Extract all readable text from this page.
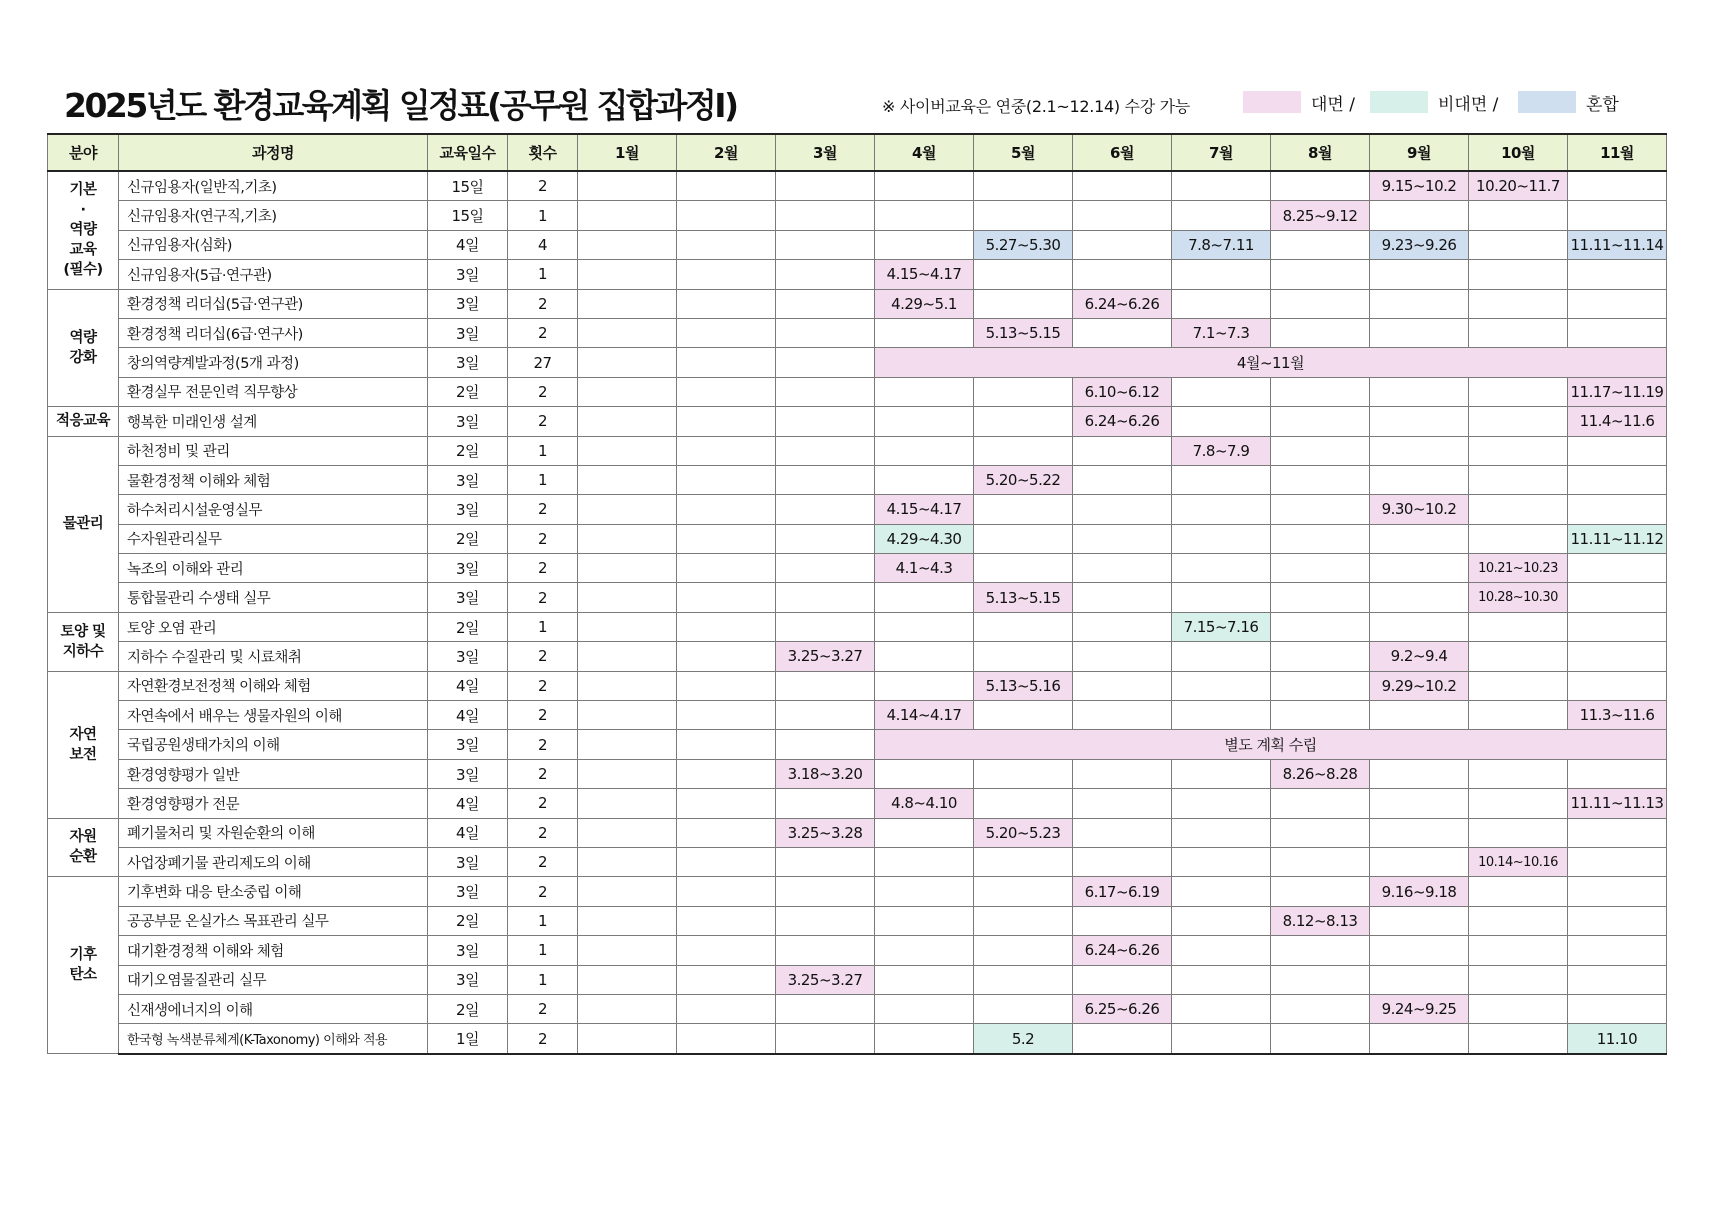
2025년도 환경교육계획 일정표(공무원 집합과정Ⅰ)	※ 사이버교육은 연중(2.1~12.14) 수강 가능	대면 /	비대면 /	혼합
분야	과정명	교육일수	횟수	1월	2월	3월	4월	5월	6월	7월	8월	9월	10월	11월
기본
·
역량
교육
(필수)	신규임용자(일반직,기초)	15일	2									9.15~10.2	10.20~11.7	
	신규임용자(연구직,기초)	15일	1								8.25~9.12			
	신규임용자(심화)	4일	4					5.27~5.30		7.8~7.11		9.23~9.26		11.11~11.14
	신규임용자(5급·연구관)	3일	1				4.15~4.17							
역량
강화	환경정책 리더십(5급·연구관)	3일	2				4.29~5.1		6.24~6.26					
	환경정책 리더십(6급·연구사)	3일	2					5.13~5.15		7.1~7.3				
	창의역량계발과정(5개 과정)	3일	27				4월~11월							
	환경실무 전문인력 직무향상	2일	2						6.10~6.12					11.17~11.19
적응교육	행복한 미래인생 설계	3일	2						6.24~6.26					11.4~11.6
물관리	하천정비 및 관리	2일	1							7.8~7.9				
	물환경정책 이해와 체험	3일	1					5.20~5.22						
	하수처리시설운영실무	3일	2				4.15~4.17					9.30~10.2		
	수자원관리실무	2일	2				4.29~4.30							11.11~11.12
	녹조의 이해와 관리	3일	2				4.1~4.3						10.21~10.23	
	통합물관리 수생태 실무	3일	2					5.13~5.15					10.28~10.30	
토양 및
지하수	토양 오염 관리	2일	1							7.15~7.16				
	지하수 수질관리 및 시료채취	3일	2			3.25~3.27						9.2~9.4		
자연
보전	자연환경보전정책 이해와 체험	4일	2					5.13~5.16				9.29~10.2		
	자연속에서 배우는 생물자원의 이해	4일	2				4.14~4.17							11.3~11.6
	국립공원생태가치의 이해	3일	2				별도 계획 수립							
	환경영향평가 일반	3일	2			3.18~3.20					8.26~8.28			
	환경영향평가 전문	4일	2				4.8~4.10							11.11~11.13
자원
순환	폐기물처리 및 자원순환의 이해	4일	2			3.25~3.28		5.20~5.23						
	사업장폐기물 관리제도의 이해	3일	2										10.14~10.16	
기후
탄소	기후변화 대응 탄소중립 이해	3일	2						6.17~6.19			9.16~9.18		
	공공부문 온실가스 목표관리 실무	2일	1								8.12~8.13			
	대기환경정책 이해와 체험	3일	1						6.24~6.26					
	대기오염물질관리 실무	3일	1			3.25~3.27								
	신재생에너지의 이해	2일	2						6.25~6.26			9.24~9.25		
	한국형 녹색분류체계(K-Taxonomy) 이해와 적용	1일	2					5.2						11.10
